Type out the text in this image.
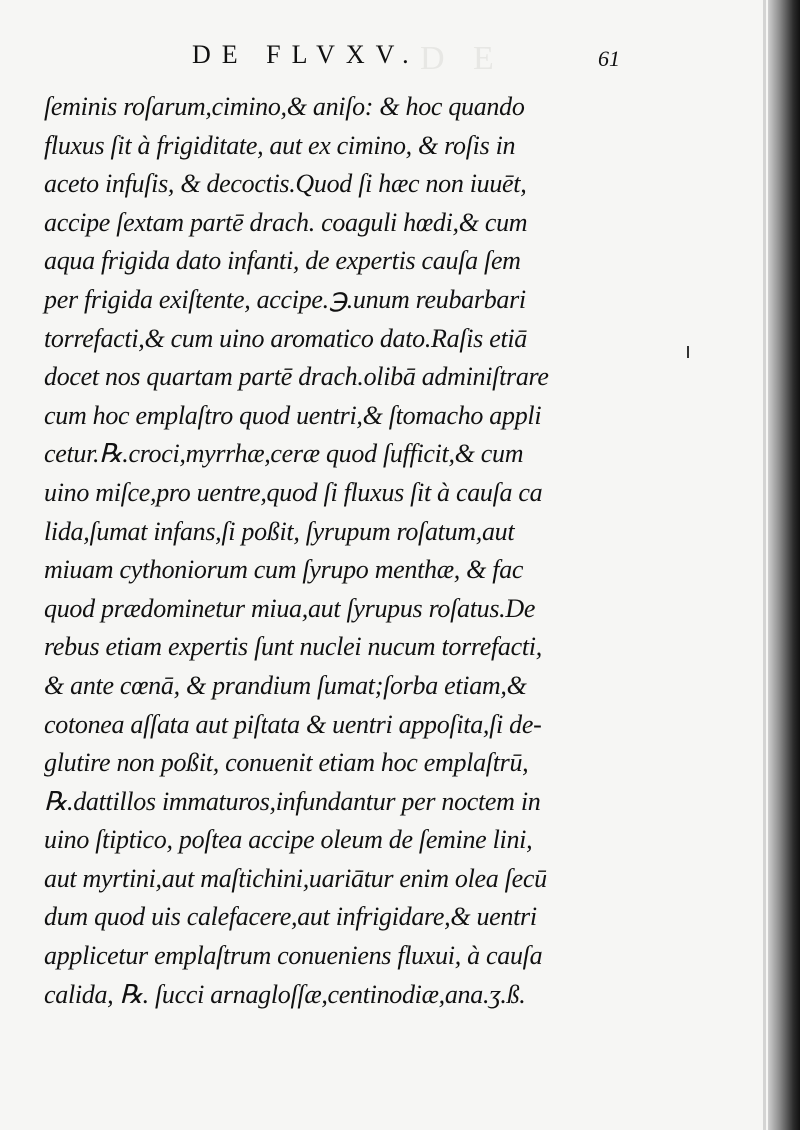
D E
DE FLVXV.	61
ſeminis roſarum,cimino,& aniſo: & hoc quando
fluxus ſit à frigiditate, aut ex cimino, & roſis in
aceto infuſis, & decoctis.Quod ſi hæc non iuuēt,
accipe ſextam partē drach. coaguli hœdi,& cum
aqua frigida dato infanti, de expertis cauſa ſem
per frigida exiſtente, accipe.℈.unum reubarbari
torrefacti,& cum uino aromatico dato.Raſis etiā
docet nos quartam partē drach.olibā adminiſtrare
cum hoc emplaſtro quod uentri,& ſtomacho appli
cetur.℞.croci,myrrhæ,ceræ quod ſufficit,& cum
uino miſce,pro uentre,quod ſi fluxus ſit à cauſa ca
lida,ſumat infans,ſi poßit, ſyrupum roſatum,aut
miuam cythoniorum cum ſyrupo menthæ, & fac
quod prædominetur miua,aut ſyrupus roſatus.De
rebus etiam expertis ſunt nuclei nucum torrefacti,
& ante cœnā, & prandium ſumat;ſorba etiam,&
cotonea aſſata aut piſtata & uentri appoſita,ſi de-
glutire non poßit, conuenit etiam hoc emplaſtrū,
℞.dattillos immaturos,infundantur per noctem in
uino ſtiptico, poſtea accipe oleum de ſemine lini,
aut myrtini,aut maſtichini,uariātur enim olea ſecū
dum quod uis calefacere,aut infrigidare,& uentri
applicetur emplaſtrum conueniens fluxui, à cauſa
calida, ℞. ſucci arnagloſſæ,centinodiæ,ana.ʒ.ß.
